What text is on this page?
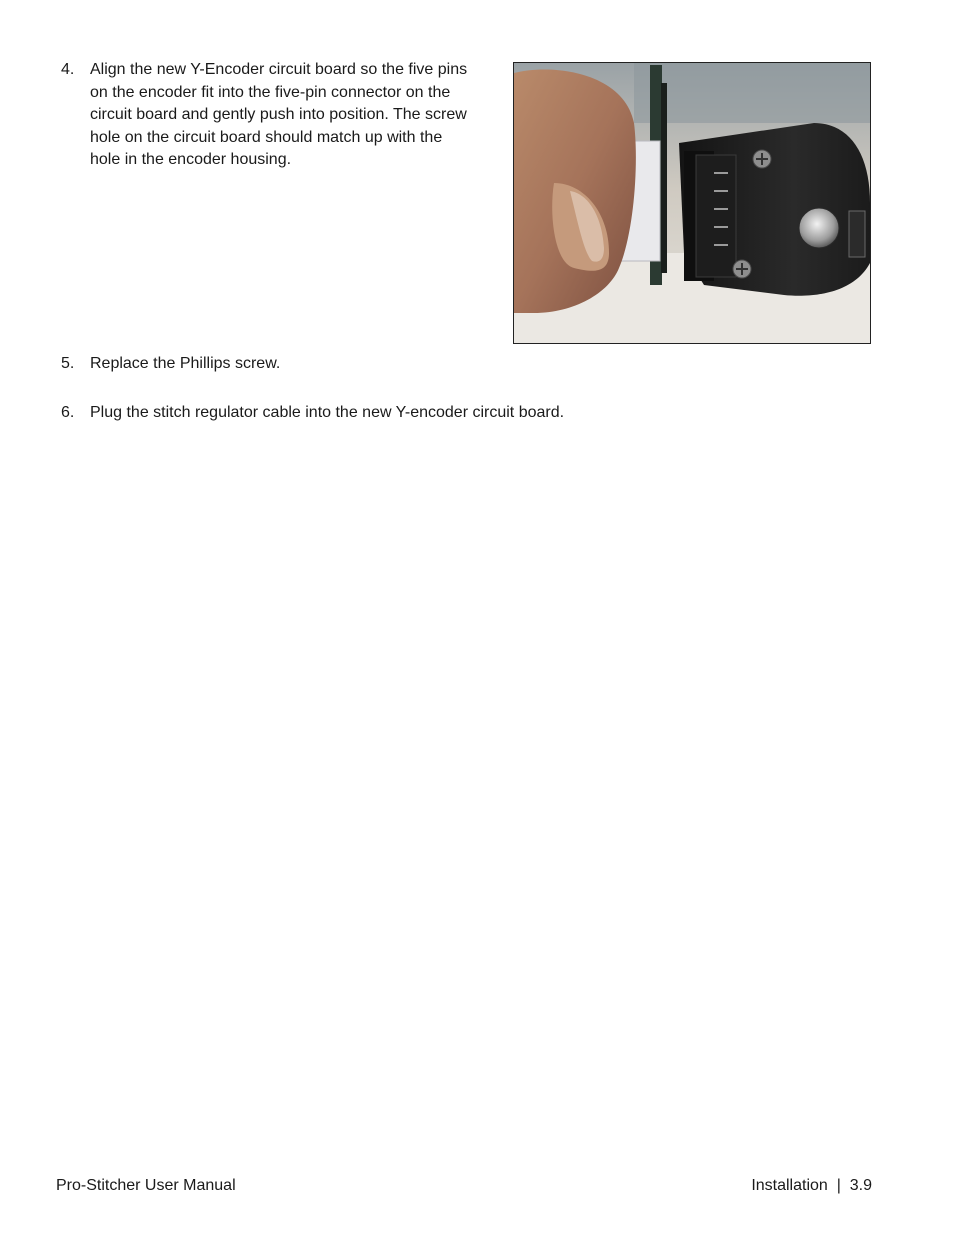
4. Align the new Y-Encoder circuit board so the five pins
on the encoder fit into the five-pin connector on the
circuit board and gently push into position. The screw
hole on the circuit board should match up with the
hole in the encoder housing.
5. Replace the Phillips screw.
6. Plug the stitch regulator cable into the new Y-encoder circuit board.
Pro-Stitcher User Manual	Installation | 3.9
